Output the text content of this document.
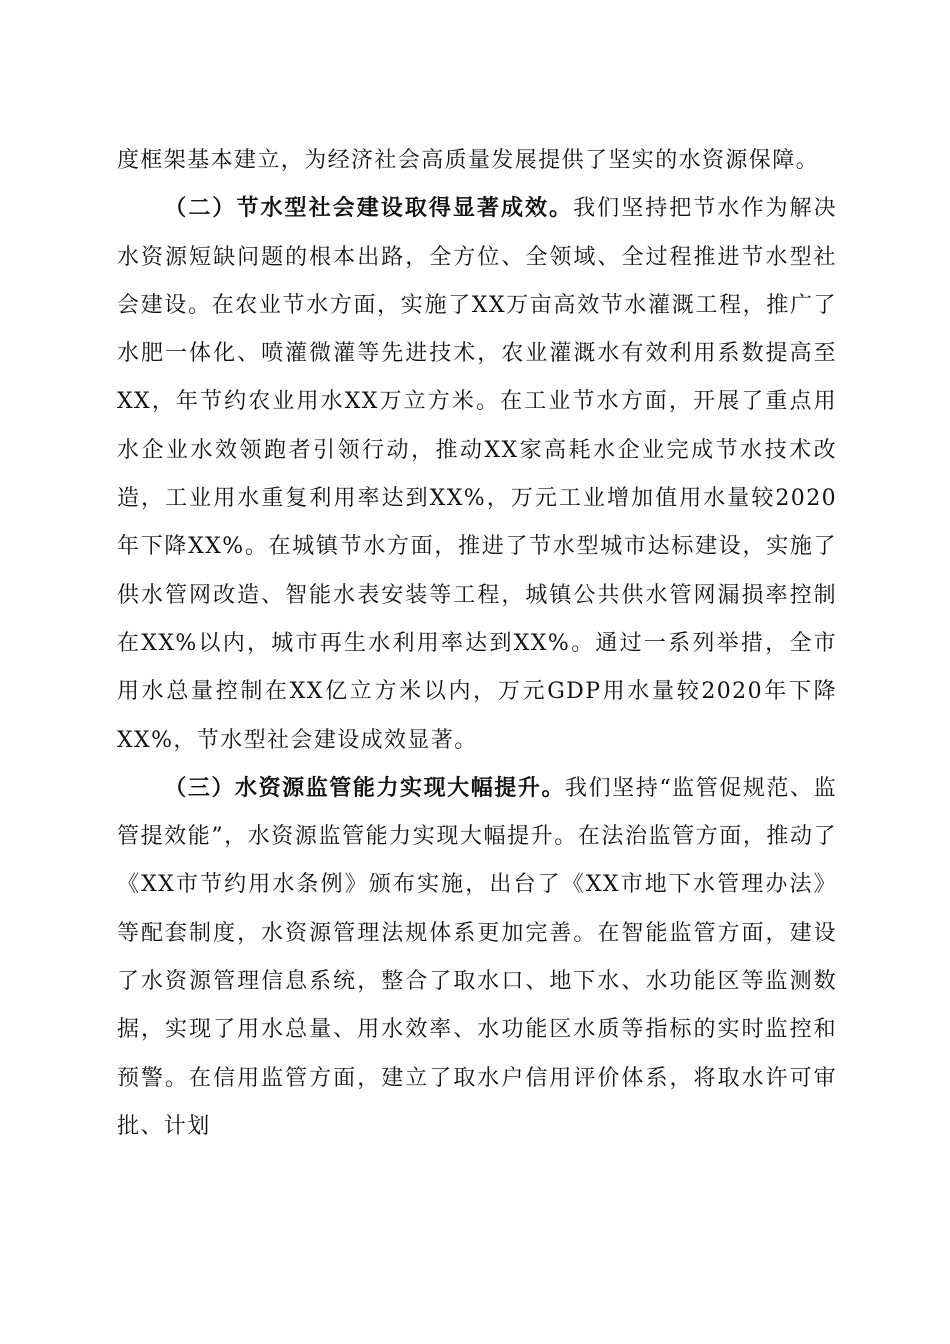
度框架基本建立，为经济社会高质量发展提供了坚实的水资源保障。

（二）节水型社会建设取得显著成效。我们坚持把节水作为解决水资源短缺问题的根本出路，全方位、全领域、全过程推进节水型社会建设。在农业节水方面，实施了XX万亩高效节水灌溉工程，推广了水肥一体化、喷灌微灌等先进技术，农业灌溉水有效利用系数提高至XX，年节约农业用水XX万立方米。在工业节水方面，开展了重点用水企业水效领跑者引领行动，推动XX家高耗水企业完成节水技术改造，工业用水重复利用率达到XX%，万元工业增加值用水量较2020年下降XX%。在城镇节水方面，推进了节水型城市达标建设，实施了供水管网改造、智能水表安装等工程，城镇公共供水管网漏损率控制在XX%以内，城市再生水利用率达到XX%。通过一系列举措，全市用水总量控制在XX亿立方米以内，万元GDP用水量较2020年下降XX%，节水型社会建设成效显著。

（三）水资源监管能力实现大幅提升。我们坚持“监管促规范、监管提效能”，水资源监管能力实现大幅提升。在法治监管方面，推动了《XX市节约用水条例》颁布实施，出台了《XX市地下水管理办法》等配套制度，水资源管理法规体系更加完善。在智能监管方面，建设了水资源管理信息系统，整合了取水口、地下水、水功能区等监测数据，实现了用水总量、用水效率、水功能区水质等指标的实时监控和预警。在信用监管方面，建立了取水户信用评价体系，将取水许可审批、计划
